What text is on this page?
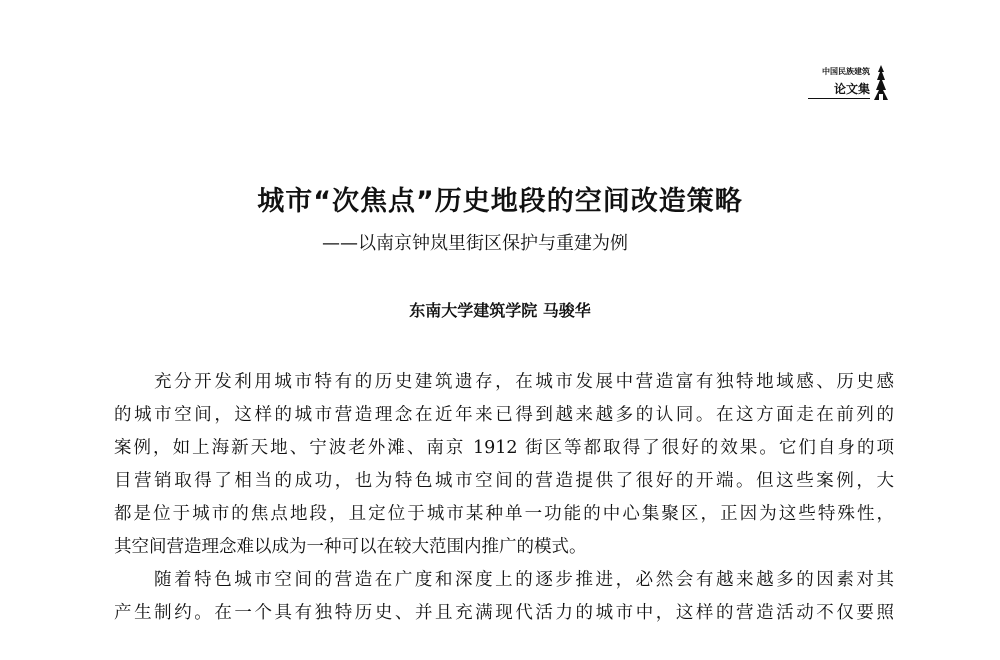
中国民族建筑
论文集
城市“次焦点”历史地段的空间改造策略
——以南京钟岚里街区保护与重建为例
东南大学建筑学院 马骏华
充分开发利用城市特有的历史建筑遗存，在城市发展中营造富有独特地域感、历史感
的城市空间，这样的城市营造理念在近年来已得到越来越多的认同。在这方面走在前列的
案例，如上海新天地、宁波老外滩、南京 1912 街区等都取得了很好的效果。它们自身的项
目营销取得了相当的成功，也为特色城市空间的营造提供了很好的开端。但这些案例，大
都是位于城市的焦点地段，且定位于城市某种单一功能的中心集聚区，正因为这些特殊性，
其空间营造理念难以成为一种可以在较大范围内推广的模式。
随着特色城市空间的营造在广度和深度上的逐步推进，必然会有越来越多的因素对其
产生制约。在一个具有独特历史、并且充满现代活力的城市中，这样的营造活动不仅要照
